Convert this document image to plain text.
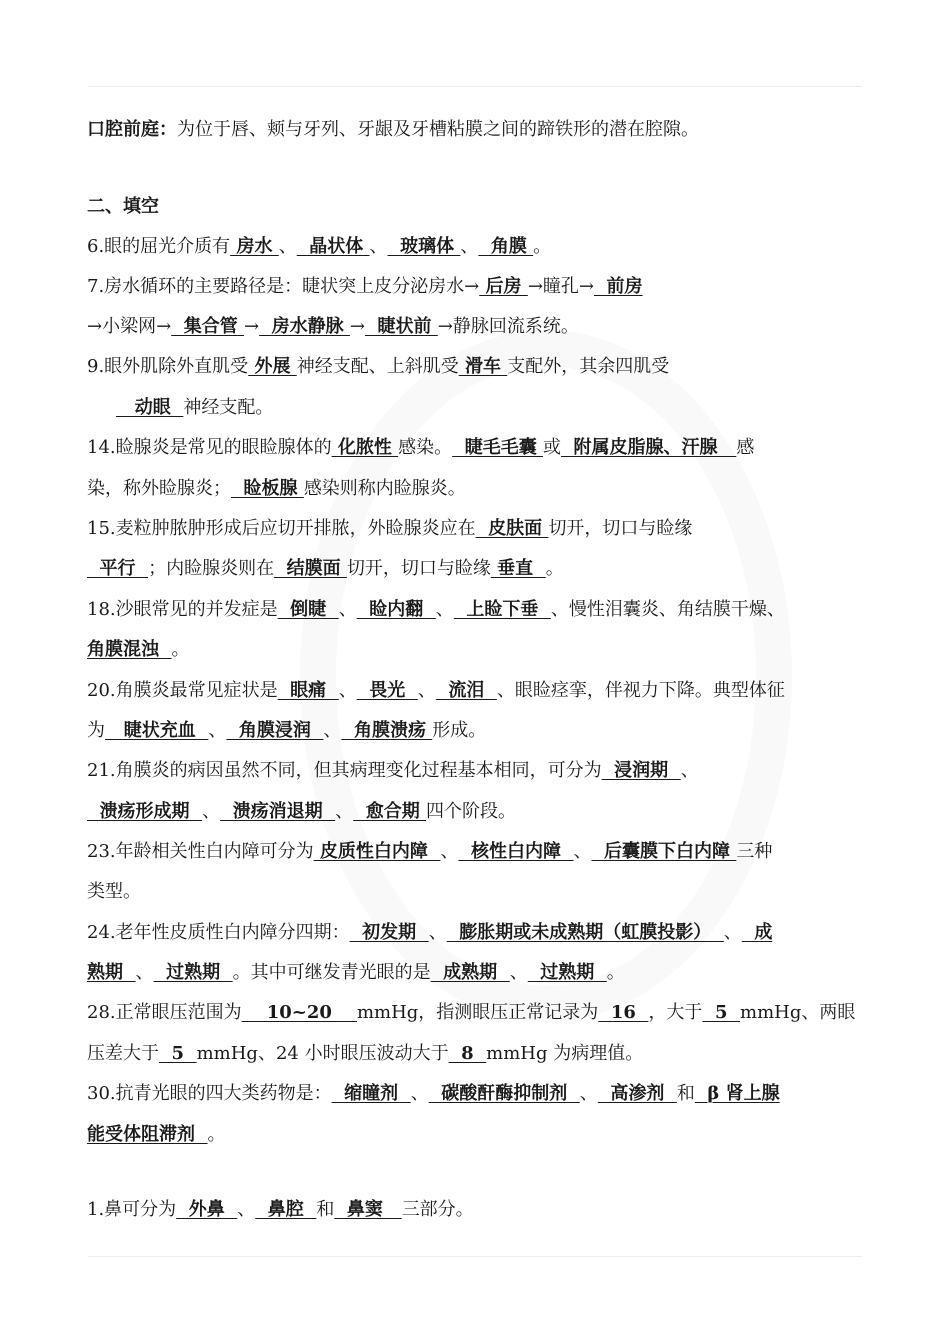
口腔前庭：为位于唇、颊与牙列、牙龈及牙槽粘膜之间的蹄铁形的潜在腔隙。
二、填空
6.眼的屈光介质有 房水 、  晶状体 、  玻璃体 、  角膜 。
7.房水循环的主要路径是：睫状突上皮分泌房水→ 后房 →瞳孔→  前房
→小梁网→  集合管 →  房水静脉 →  睫状前 →静脉回流系统。
9.眼外肌除外直肌受 外展 神经支配、上斜肌受 滑车 支配外，其余四肌受
动眼  神经支配。
14.睑腺炎是常见的眼睑腺体的 化脓性 感染。  睫毛毛囊 或  附属皮脂腺、汗腺   感
染，称外睑腺炎；  睑板腺 感染则称内睑腺炎。
15.麦粒肿脓肿形成后应切开排脓，外睑腺炎应在  皮肤面 切开，切口与睑缘
平行  ；内睑腺炎则在  结膜面 切开，切口与睑缘 垂直  。
18.沙眼常见的并发症是  倒睫  、  睑内翻  、  上睑下垂  、慢性泪囊炎、角结膜干燥、
角膜混浊  。
20.角膜炎最常见症状是  眼痛  、  畏光  、  流泪  、眼睑痉挛，伴视力下降。典型体征
为   睫状充血  、  角膜浸润  、  角膜溃疡 形成。
21.角膜炎的病因虽然不同，但其病理变化过程基本相同，可分为  浸润期  、
溃疡形成期  、  溃疡消退期  、  愈合期 四个阶段。
23.年龄相关性白内障可分为 皮质性白内障  、  核性白内障  、  后囊膜下白内障 三种
类型。
24.老年性皮质性白内障分四期：  初发期  、  膨胀期或未成熟期（虹膜投影）  、  成
熟期  、  过熟期  。其中可继发青光眼的是  成熟期  、  过熟期  。
28.正常眼压范围为    10~20    mmHg，指测眼压正常记录为  16  ，大于  5  mmHg、两眼
压差大于  5  mmHg、24 小时眼压波动大于  8  mmHg 为病理值。
30.抗青光眼的四大类药物是：  缩瞳剂  、  碳酸酐酶抑制剂  、  高渗剂  和  β 肾上腺
能受体阻滞剂  。
1.鼻可分为  外鼻  、  鼻腔  和  鼻窦   三部分。
